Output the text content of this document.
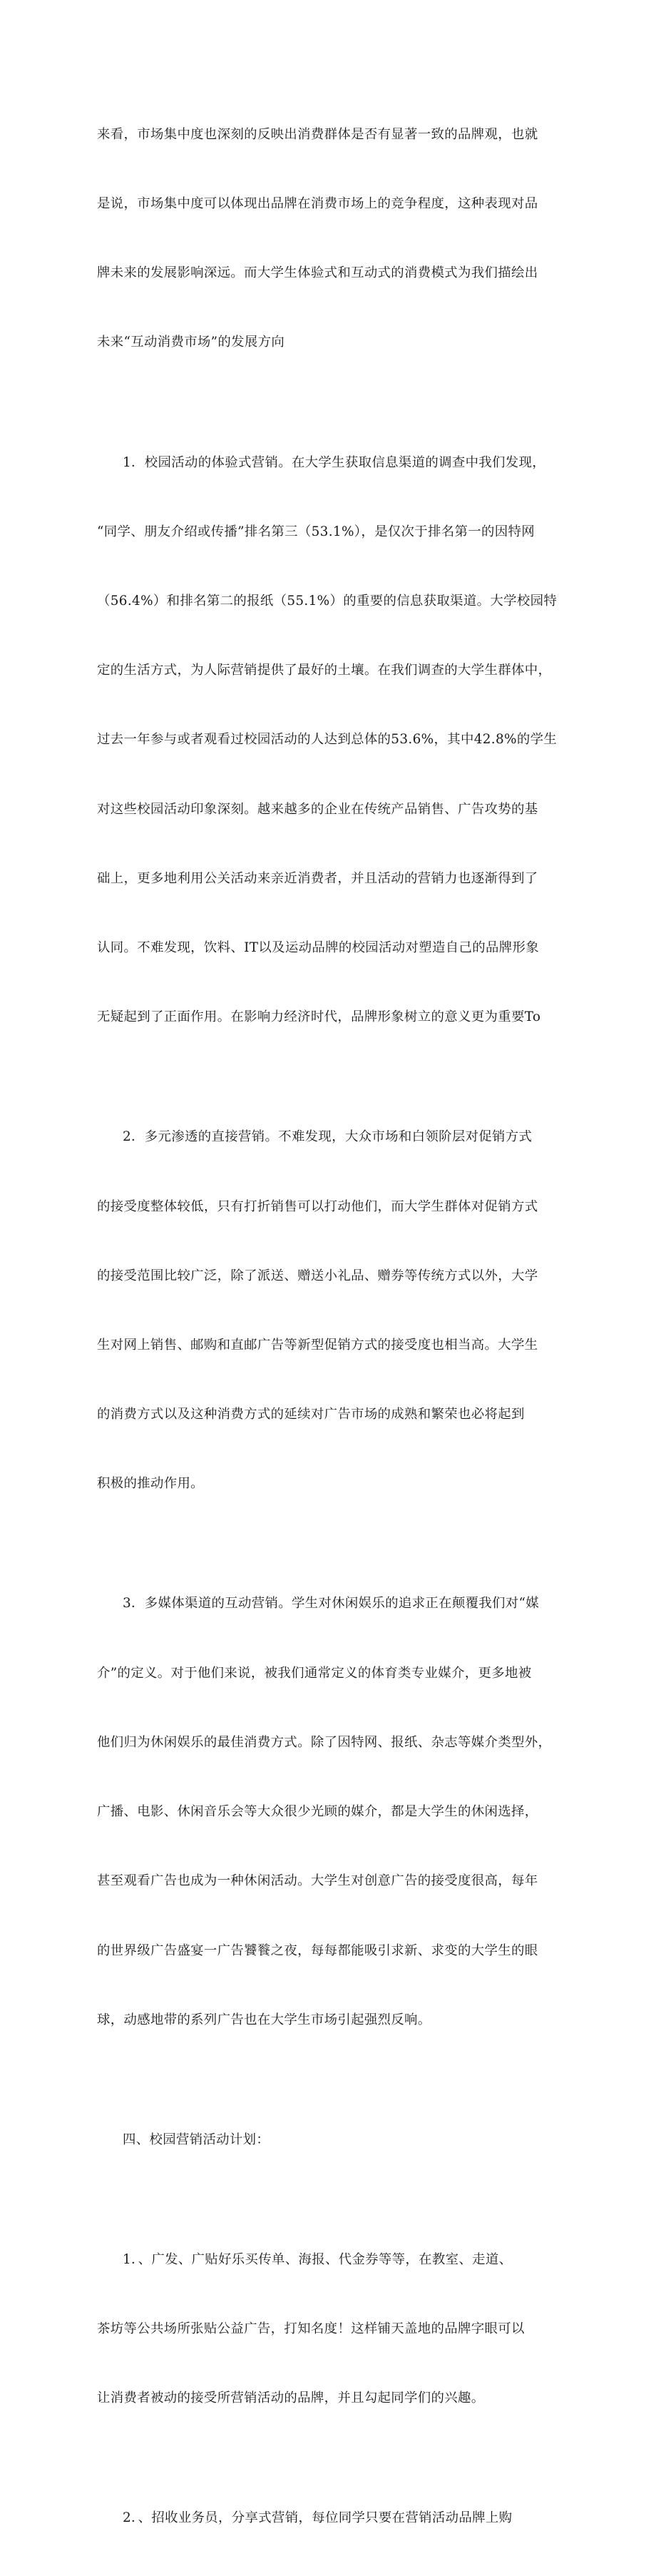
来看，市场集中度也深刻的反映出消费群体是否有显著一致的品牌观，也就

是说，市场集中度可以体现出品牌在消费市场上的竞争程度，这种表现对品

牌未来的发展影响深远。而大学生体验式和互动式的消费模式为我们描绘出

未来“互动消费市场”的发展方向

1．校园活动的体验式营销。在大学生获取信息渠道的调查中我们发现，

“同学、朋友介绍或传播”排名第三（53.1%），是仅次于排名第一的因特网

（56.4%）和排名第二的报纸（55.1%）的重要的信息获取渠道。大学校园特

定的生活方式，为人际营销提供了最好的土壤。在我们调查的大学生群体中，

过去一年参与或者观看过校园活动的人达到总体的53.6%，其中42.8%的学生

对这些校园活动印象深刻。越来越多的企业在传统产品销售、广告攻势的基

础上，更多地利用公关活动来亲近消费者，并且活动的营销力也逐渐得到了

认同。不难发现，饮料、IT以及运动品牌的校园活动对塑造自己的品牌形象

无疑起到了正面作用。在影响力经济时代，品牌形象树立的意义更为重要To

2．多元渗透的直接营销。不难发现，大众市场和白领阶层对促销方式

的接受度整体较低，只有打折销售可以打动他们，而大学生群体对促销方式

的接受范围比较广泛，除了派送、赠送小礼品、赠券等传统方式以外，大学

生对网上销售、邮购和直邮广告等新型促销方式的接受度也相当高。大学生

的消费方式以及这种消费方式的延续对广告市场的成熟和繁荣也必将起到

积极的推动作用。

3．多媒体渠道的互动营销。学生对休闲娱乐的追求正在颠覆我们对“媒

介”的定义。对于他们来说，被我们通常定义的体育类专业媒介，更多地被

他们归为休闲娱乐的最佳消费方式。除了因特网、报纸、杂志等媒介类型外，

广播、电影、休闲音乐会等大众很少光顾的媒介，都是大学生的休闲选择，

甚至观看广告也成为一种休闲活动。大学生对创意广告的接受度很高，每年

的世界级广告盛宴一广告饕餮之夜，每每都能吸引求新、求变的大学生的眼

球，动感地带的系列广告也在大学生市场引起强烈反响。

四、校园营销活动计划：

1．、广发、广贴好乐买传单、海报、代金券等等，在教室、走道、

茶坊等公共场所张贴公益广告，打知名度！这样铺天盖地的品牌字眼可以

让消费者被动的接受所营销活动的品牌，并且勾起同学们的兴趣。

2．、招收业务员，分享式营销，每位同学只要在营销活动品牌上购
